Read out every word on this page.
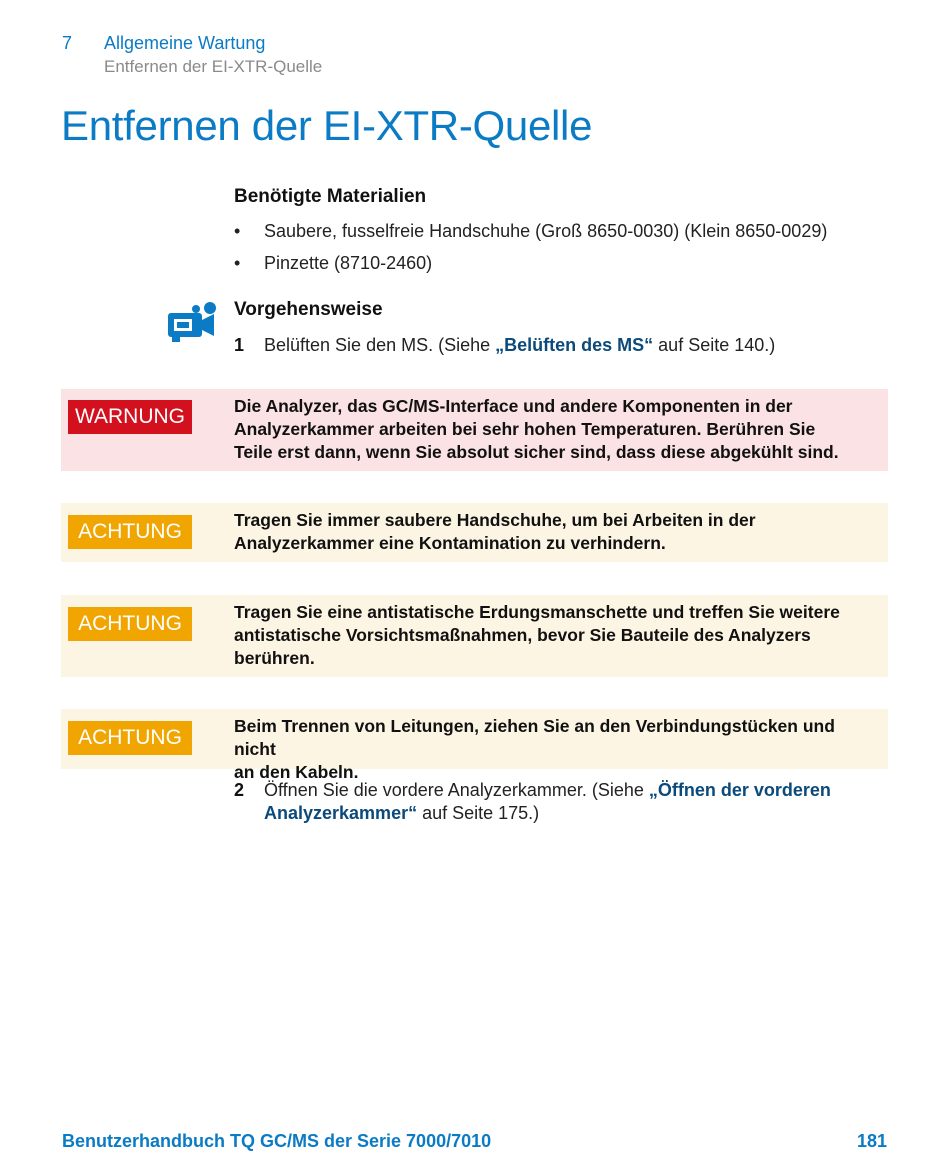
7 Allgemeine Wartung
Entfernen der EI-XTR-Quelle
Entfernen der EI-XTR-Quelle
Benötigte Materialien
• Saubere, fusselfreie Handschuhe (Groß 8650-0030) (Klein 8650-0029)
• Pinzette (8710-2460)
Vorgehensweise
1 Belüften Sie den MS. (Siehe „Belüften des MS“ auf Seite 140.)
WARNUNG	Die Analyzer, das GC/MS-Interface und andere Komponenten in der
Analyzerkammer arbeiten bei sehr hohen Temperaturen. Berühren Sie
Teile erst dann, wenn Sie absolut sicher sind, dass diese abgekühlt sind.
ACHTUNG	Tragen Sie immer saubere Handschuhe, um bei Arbeiten in der
Analyzerkammer eine Kontamination zu verhindern.
ACHTUNG	Tragen Sie eine antistatische Erdungsmanschette und treffen Sie weitere
antistatische Vorsichtsmaßnahmen, bevor Sie Bauteile des Analyzers
berühren.
ACHTUNG	Beim Trennen von Leitungen, ziehen Sie an den Verbindungstücken und nicht
an den Kabeln.
2 Öffnen Sie die vordere Analyzerkammer. (Siehe „Öffnen der vorderen
Analyzerkammer“ auf Seite 175.)
Benutzerhandbuch TQ GC/MS der Serie 7000/7010	181
